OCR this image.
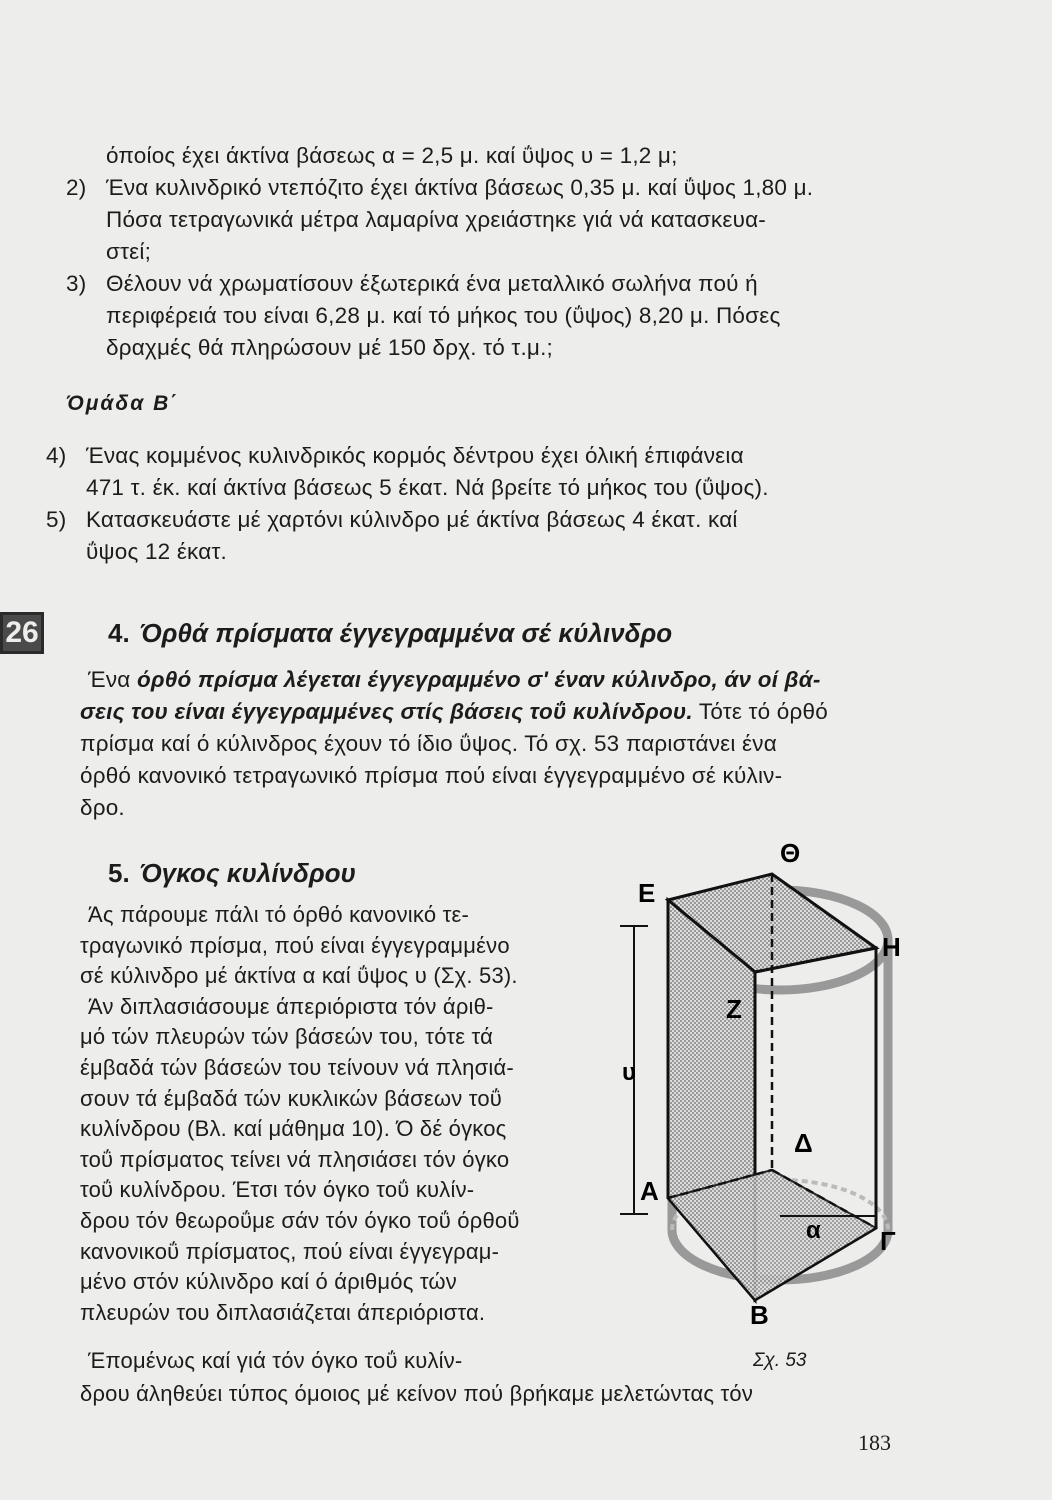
όποίος έχει άκτίνα βάσεως α = 2,5 μ. καί ΰψος υ = 1,2 μ;
2) Ένα κυλινδρικό ντεπόζιτο έχει άκτίνα βάσεως 0,35 μ. καί ΰψος 1,80 μ.
Πόσα τετραγωνικά μέτρα λαμαρίνα χρειάστηκε γιά νά κατασκευα-
στεί;
3) Θέλουν νά χρωματίσουν έξωτερικά ένα μεταλλικό σωλήνα πού ή
περιφέρειά του είναι 6,28 μ. καί τό μήκος του (ΰψος) 8,20 μ. Πόσες
δραχμές θά πληρώσουν μέ 150 δρχ. τό τ.μ.;
Όμάδα Β΄
4) Ένας κομμένος κυλινδρικός κορμός δέντρου έχει όλική έπιφάνεια
471 τ. έκ. καί άκτίνα βάσεως 5 έκατ. Νά βρείτε τό μήκος του (ΰψος).
5) Κατασκευάστε μέ χαρτόνι κύλινδρο μέ άκτίνα βάσεως 4 έκατ. καί
ΰψος 12 έκατ.
26	4. Όρθά πρίσματα έγγεγραμμένα σέ κύλινδρο
Ένα όρθό πρίσμα λέγεται έγγεγραμμένο σ' έναν κύλινδρο, άν οί βά-
σεις του είναι έγγεγραμμένες στίς βάσεις τοΰ κυλίνδρου. Τότε τό όρθό
πρίσμα καί ό κύλινδρος έχουν τό ίδιο ΰψος. Τό σχ. 53 παριστάνει ένα
όρθό κανονικό τετραγωνικό πρίσμα πού είναι έγγεγραμμένο σέ κύλιν-
δρο.
5. Όγκος κυλίνδρου
Άς πάρουμε πάλι τό όρθό κανονικό τε-
τραγωνικό πρίσμα, πού είναι έγγεγραμμένο
σέ κύλινδρο μέ άκτίνα α καί ΰψος υ (Σχ. 53).
Άν διπλασιάσουμε άπεριόριστα τόν άριθ-
μό τών πλευρών τών βάσεών του, τότε τά
έμβαδά τών βάσεών του τείνουν νά πλησιά-
σουν τά έμβαδά τών κυκλικών βάσεων τοΰ
κυλίνδρου (Βλ. καί μάθημα 10). Ό δέ όγκος
τοΰ πρίσματος τείνει νά πλησιάσει τόν όγκο
τοΰ κυλίνδρου. Έτσι τόν όγκο τοΰ κυλίν-
δρου τόν θεωροΰμε σάν τόν όγκο τοΰ όρθοΰ
κανονικοΰ πρίσματος, πού είναι έγγεγραμ-
μένο στόν κύλινδρο καί ό άριθμός τών
πλευρών του διπλασιάζεται άπεριόριστα.
Έπομένως καί γιά τόν όγκο τοΰ κυλίν-
δρου άληθεύει τύπος όμοιος μέ κείνον πού βρήκαμε μελετώντας τόν
E
Θ
H
Z
υ
Δ
A
α Γ
B
Σχ. 53
183
